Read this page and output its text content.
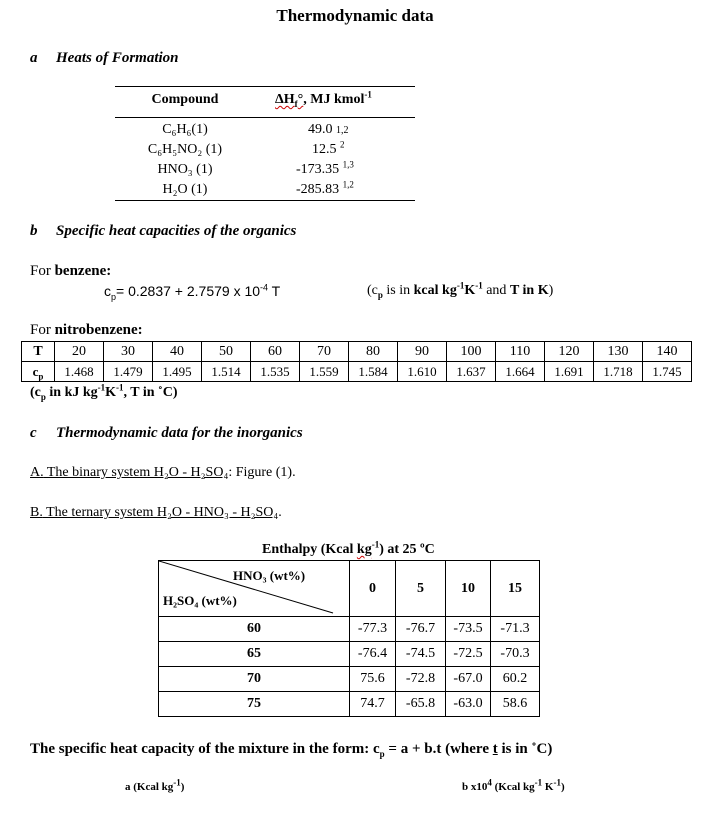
Thermodynamic data
a Heats of Formation
Compound	$\Delta H_f^\circ$, MJ kmol$^{-1}$
C₆H₆(1)	49.0 1,2
C₆H₅NO₂ (1)	12.5 $^2$
HNO₃ (1)	-173.35 $^{1,3}$
H₂O (1)	-285.83 $^{1,2}$
b Specific heat capacities of the organics
For benzene:
$c_p= 0.2837 + 2.7579$ x $10^{-4}$ T	($c_p$ is in kcal $kg^{-1}K^{-1}$ and T in K)
For nitrobenzene:
T	20	30	40	50	60	70	80	90	100	110	120	130	140
$c_p$	1.468	1.479	1.495	1.514	1.535	1.559	1.584	1.610	1.637	1.664	1.691	1.718	1.745
($c_p$ in kJ $kg^{-1}K^{-1}$, T in ˚C)
c Thermodynamic data for the inorganics
A. The binary system H₂O - H₂SO₄: Figure (1).
B. The ternary system H₂O - HNO₃ - H₂SO₄.
Enthalpy (Kcal $kg^{-1}$) at 25 ºC
HNO₃ (wt%)
H₂SO₄ (wt%)	0	5	10	15
60	-77.3	-76.7	-73.5	-71.3
65	-76.4	-74.5	-72.5	-70.3
70	75.6	-72.8	-67.0	60.2
75	74.7	-65.8	-63.0	58.6
The specific heat capacity of the mixture in the form: $c_p = a + b.t$ (where t is in ˚C)
a (Kcal $kg^{-1}$)	b $x10^4$ (Kcal $kg^{-1}$ $K^{-1}$)
